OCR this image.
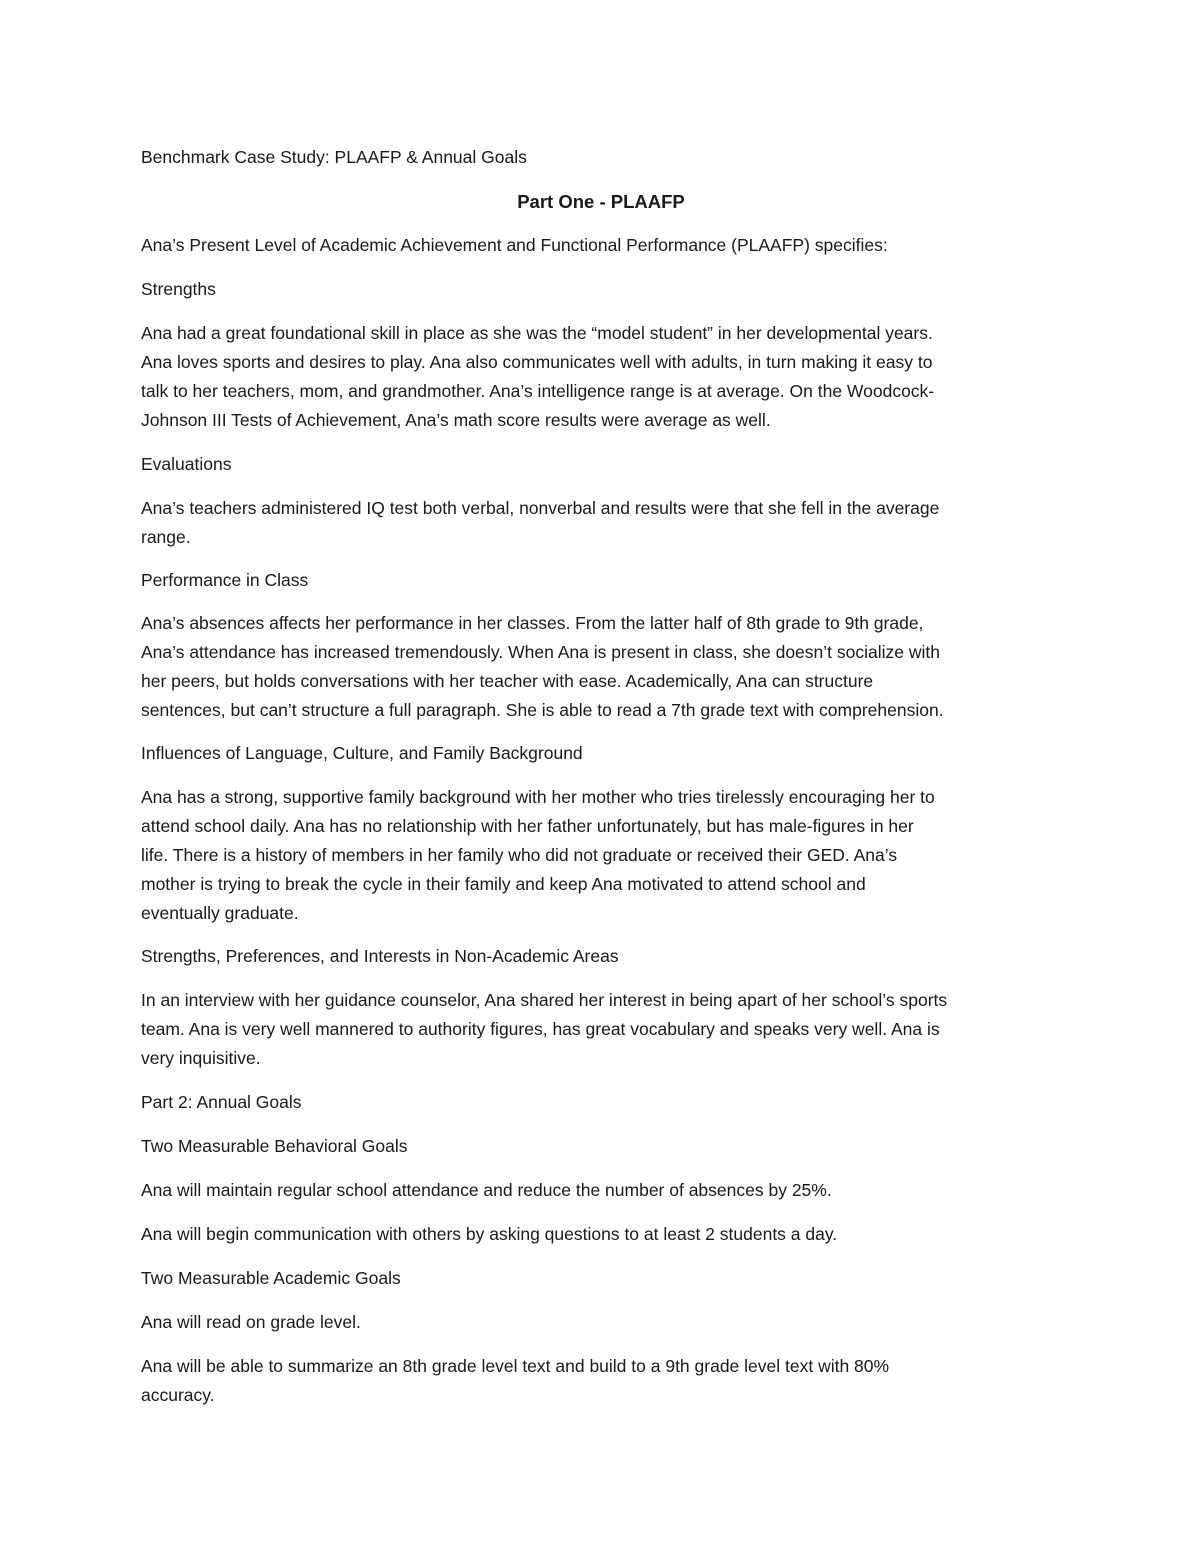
Benchmark Case Study: PLAAFP & Annual Goals

Part One - PLAAFP

Ana’s Present Level of Academic Achievement and Functional Performance (PLAAFP) specifies:

Strengths

Ana had a great foundational skill in place as she was the “model student” in her developmental years.

Ana loves sports and desires to play. Ana also communicates well with adults, in turn making it easy to

talk to her teachers, mom, and grandmother. Ana’s intelligence range is at average. On the Woodcock-

Johnson III Tests of Achievement, Ana’s math score results were average as well.

Evaluations

Ana’s teachers administered IQ test both verbal, nonverbal and results were that she fell in the average

range.

Performance in Class

Ana’s absences affects her performance in her classes. From the latter half of 8th grade to 9th grade,

Ana’s attendance has increased tremendously. When Ana is present in class, she doesn’t socialize with

her peers, but holds conversations with her teacher with ease. Academically, Ana can structure

sentences, but can’t structure a full paragraph. She is able to read a 7th grade text with comprehension.

Influences of Language, Culture, and Family Background

Ana has a strong, supportive family background with her mother who tries tirelessly encouraging her to

attend school daily. Ana has no relationship with her father unfortunately, but has male-figures in her

life. There is a history of members in her family who did not graduate or received their GED. Ana’s

mother is trying to break the cycle in their family and keep Ana motivated to attend school and

eventually graduate.

Strengths, Preferences, and Interests in Non-Academic Areas

In an interview with her guidance counselor, Ana shared her interest in being apart of her school’s sports

team. Ana is very well mannered to authority figures, has great vocabulary and speaks very well. Ana is

very inquisitive.

Part 2: Annual Goals

Two Measurable Behavioral Goals

Ana will maintain regular school attendance and reduce the number of absences by 25%.

Ana will begin communication with others by asking questions to at least 2 students a day.

Two Measurable Academic Goals

Ana will read on grade level.

Ana will be able to summarize an 8th grade level text and build to a 9th grade level text with 80%

accuracy.
